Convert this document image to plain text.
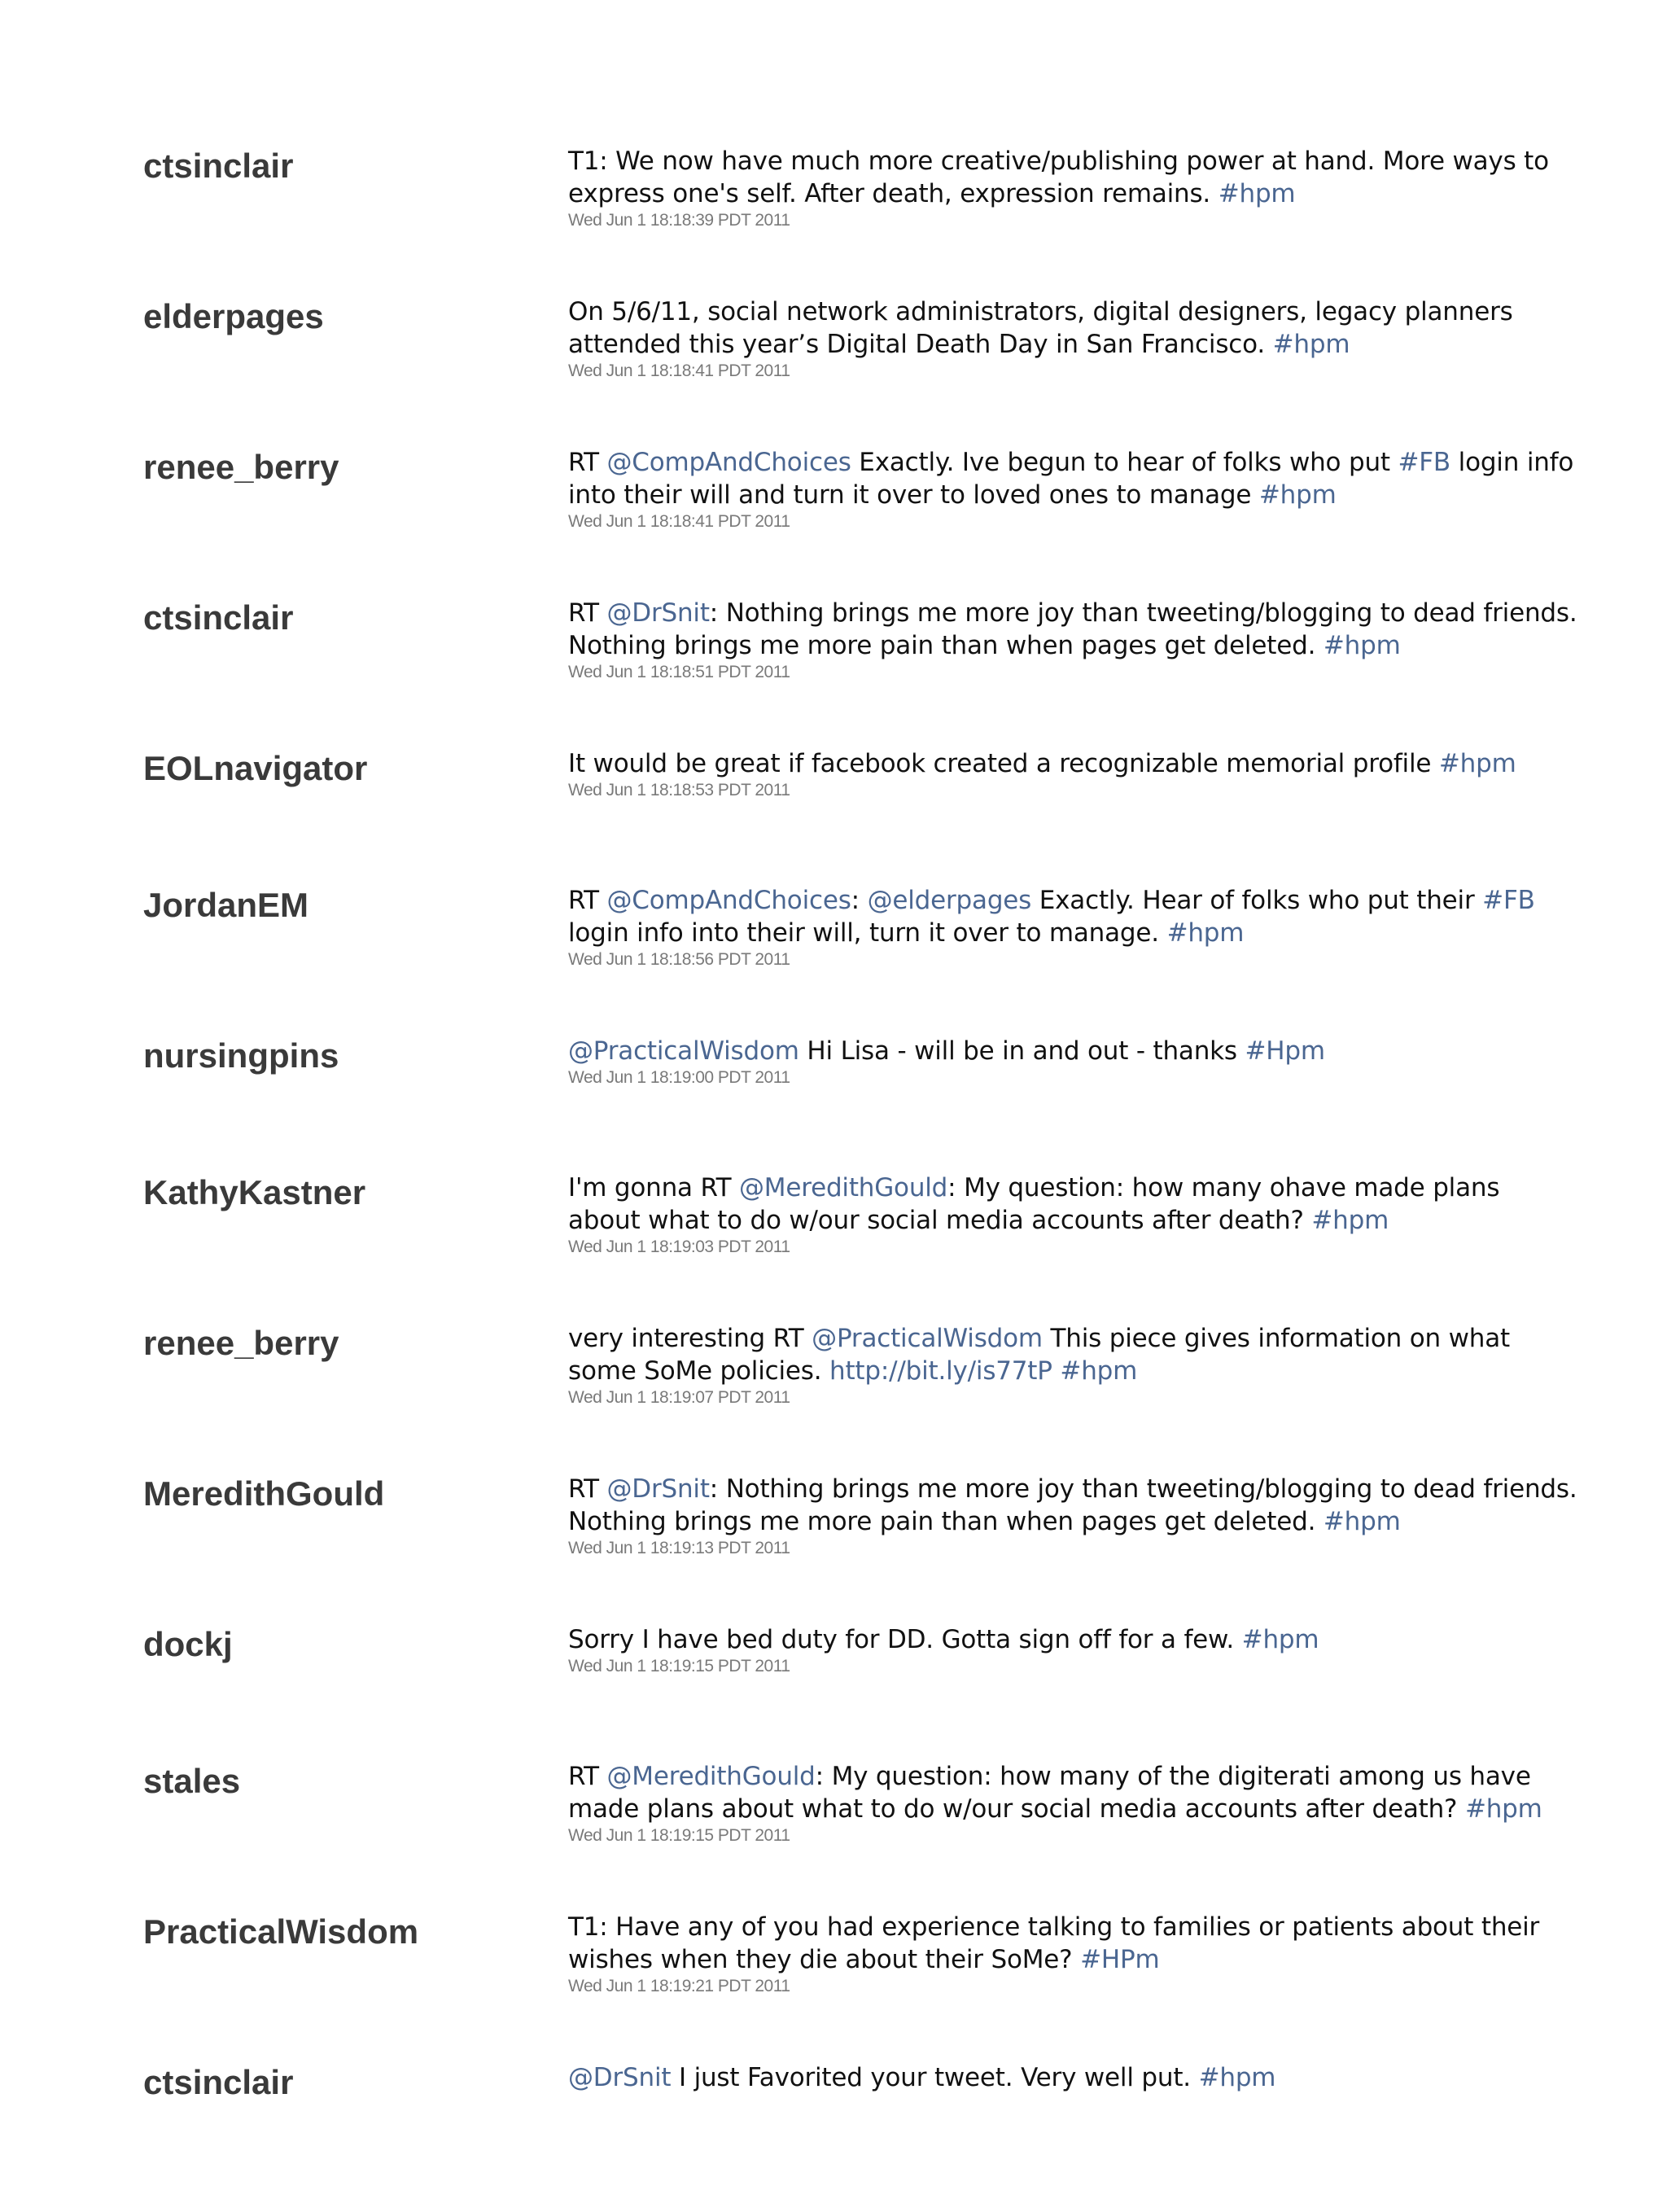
ctsinclair	T1: We now have much more creative/publishing power at hand. More ways to express one's self. After death, expression remains. #hpm
Wed Jun 1 18:18:39 PDT 2011
elderpages	On 5/6/11, social network administrators, digital designers, legacy planners attended this year’s Digital Death Day in San Francisco. #hpm
Wed Jun 1 18:18:41 PDT 2011
renee_berry	RT @CompAndChoices Exactly. Ive begun to hear of folks who put #FB login info into their will and turn it over to loved ones to manage #hpm
Wed Jun 1 18:18:41 PDT 2011
ctsinclair	RT @DrSnit: Nothing brings me more joy than tweeting/blogging to dead friends. Nothing brings me more pain than when pages get deleted. #hpm
Wed Jun 1 18:18:51 PDT 2011
EOLnavigator	It would be great if facebook created a recognizable memorial profile #hpm
Wed Jun 1 18:18:53 PDT 2011
JordanEM	RT @CompAndChoices: @elderpages Exactly. Hear of folks who put their #FB login info into their will, turn it over to manage. #hpm
Wed Jun 1 18:18:56 PDT 2011
nursingpins	@PracticalWisdom Hi Lisa - will be in and out - thanks #Hpm
Wed Jun 1 18:19:00 PDT 2011
KathyKastner	I'm gonna RT @MeredithGould: My question: how many ohave made plans about what to do w/our social media accounts after death? #hpm
Wed Jun 1 18:19:03 PDT 2011
renee_berry	very interesting RT @PracticalWisdom This piece gives information on what some SoMe policies. http://bit.ly/is77tP #hpm
Wed Jun 1 18:19:07 PDT 2011
MeredithGould	RT @DrSnit: Nothing brings me more joy than tweeting/blogging to dead friends. Nothing brings me more pain than when pages get deleted. #hpm
Wed Jun 1 18:19:13 PDT 2011
dockj	Sorry I have bed duty for DD. Gotta sign off for a few. #hpm
Wed Jun 1 18:19:15 PDT 2011
stales	RT @MeredithGould: My question: how many of the digiterati among us have made plans about what to do w/our social media accounts after death? #hpm
Wed Jun 1 18:19:15 PDT 2011
PracticalWisdom	T1: Have any of you had experience talking to families or patients about their wishes when they die about their SoMe? #HPm
Wed Jun 1 18:19:21 PDT 2011
ctsinclair	@DrSnit I just Favorited your tweet. Very well put. #hpm
